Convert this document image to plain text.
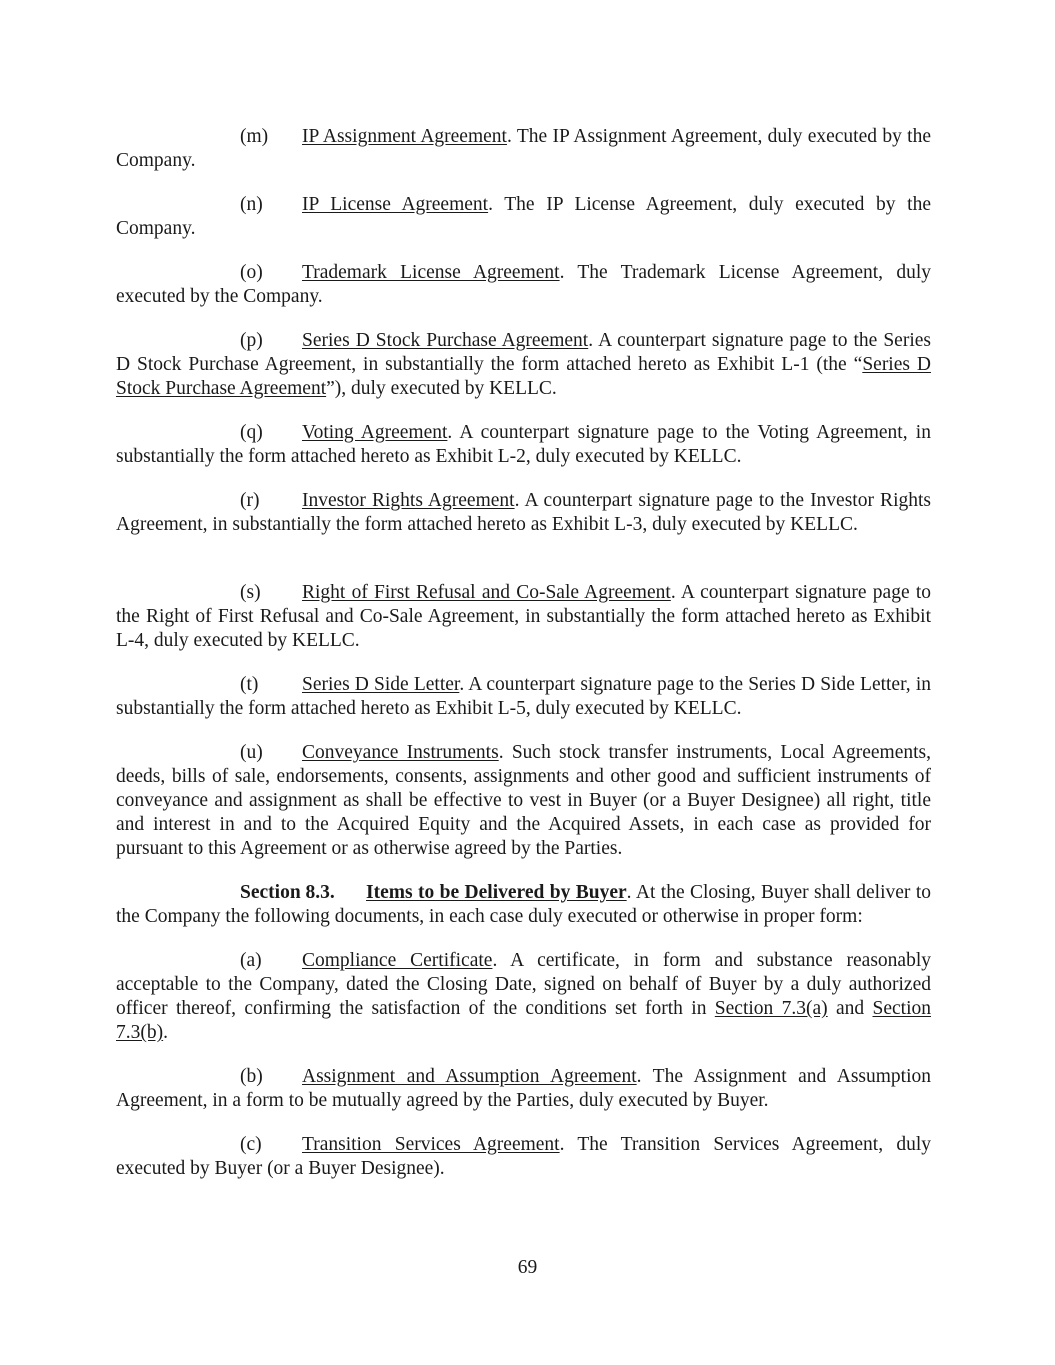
(m) IP Assignment Agreement. The IP Assignment Agreement, duly executed by the Company.

(n) IP License Agreement. The IP License Agreement, duly executed by the Company.

(o) Trademark License Agreement. The Trademark License Agreement, duly executed by the Company.

(p) Series D Stock Purchase Agreement. A counterpart signature page to the Series D Stock Purchase Agreement, in substantially the form attached hereto as Exhibit L-1 (the “Series D Stock Purchase Agreement”), duly executed by KELLC.

(q) Voting Agreement. A counterpart signature page to the Voting Agreement, in substantially the form attached hereto as Exhibit L-2, duly executed by KELLC.

(r) Investor Rights Agreement. A counterpart signature page to the Investor Rights Agreement, in substantially the form attached hereto as Exhibit L-3, duly executed by KELLC.

(s) Right of First Refusal and Co-Sale Agreement. A counterpart signature page to the Right of First Refusal and Co-Sale Agreement, in substantially the form attached hereto as Exhibit L-4, duly executed by KELLC.

(t) Series D Side Letter. A counterpart signature page to the Series D Side Letter, in substantially the form attached hereto as Exhibit L-5, duly executed by KELLC.

(u) Conveyance Instruments. Such stock transfer instruments, Local Agreements, deeds, bills of sale, endorsements, consents, assignments and other good and sufficient instruments of conveyance and assignment as shall be effective to vest in Buyer (or a Buyer Designee) all right, title and interest in and to the Acquired Equity and the Acquired Assets, in each case as provided for pursuant to this Agreement or as otherwise agreed by the Parties.

Section 8.3. Items to be Delivered by Buyer. At the Closing, Buyer shall deliver to the Company the following documents, in each case duly executed or otherwise in proper form:

(a) Compliance Certificate. A certificate, in form and substance reasonably acceptable to the Company, dated the Closing Date, signed on behalf of Buyer by a duly authorized officer thereof, confirming the satisfaction of the conditions set forth in Section 7.3(a) and Section 7.3(b).

(b) Assignment and Assumption Agreement. The Assignment and Assumption Agreement, in a form to be mutually agreed by the Parties, duly executed by Buyer.

(c) Transition Services Agreement. The Transition Services Agreement, duly executed by Buyer (or a Buyer Designee).

69
